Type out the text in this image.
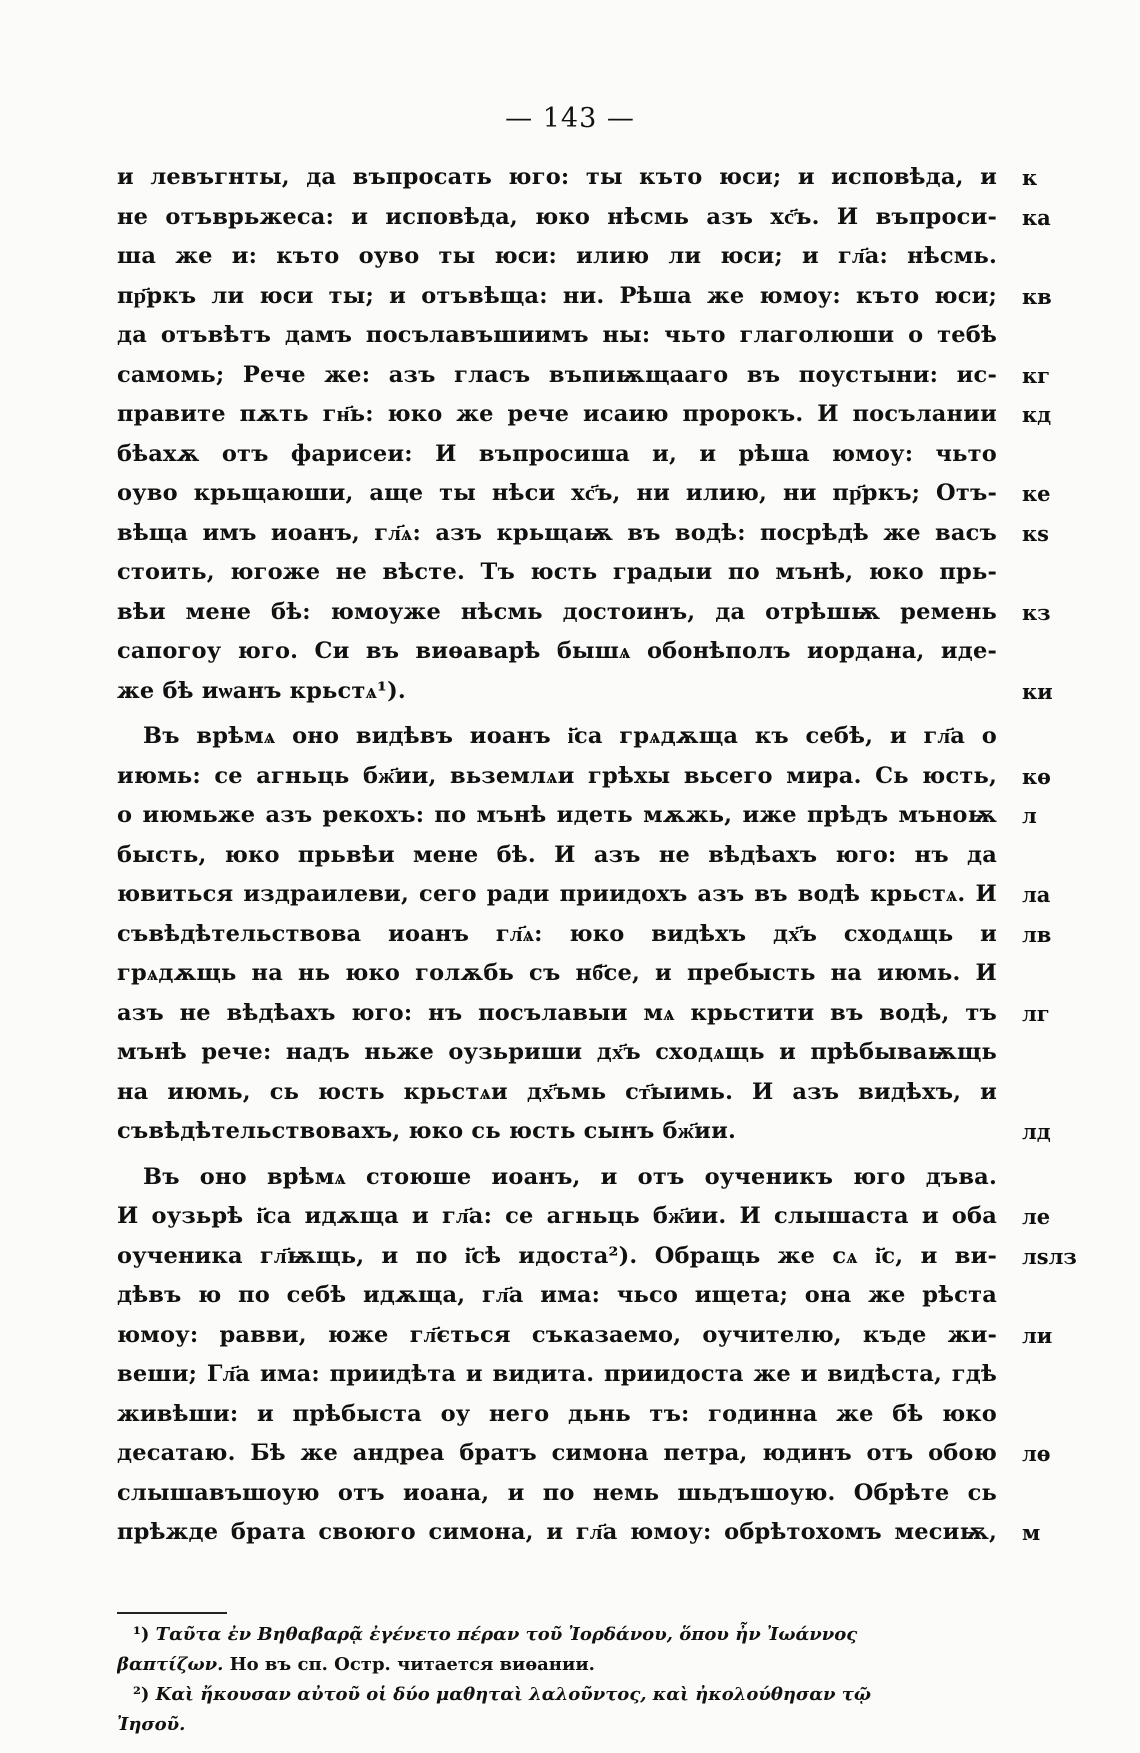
— 143 —
и левъгнты, да въпросать юго: ты къто юси; и исповѣда, и
не отъврьжеса: и исповѣда, юко нѣсмь азъ хс҃ъ. И въпроси-
ша же и: къто оуво ты юси: илию ли юси; и гл҃а: нѣсмь.
пр҃ркъ ли юси ты; и отъвѣща: ни. Рѣша же юмоу: къто юси;
да отъвѣтъ дамъ посълавъшиимъ ны: чьто глаголюши о тебѣ
самомь; Рече же: азъ гласъ въпиѭщааго въ поустыни: ис-
правите пѫть гн҃ь: юко же рече исаию пророкъ. И посълании
бѣахѫ отъ фарисеи: И въпросиша и, и рѣша юмоу: чьто
оуво крьщаюши, аще ты нѣси хс҃ъ, ни илию, ни пр҃ркъ; Отъ-
вѣща имъ иоанъ, гл҃ѧ: азъ крьщаѭ въ водѣ: посрѣдѣ же васъ
стоить, югоже не вѣсте. Тъ юсть градыи по мънѣ, юко прь-
вѣи мене бѣ: юмоуже нѣсмь достоинъ, да отрѣшѭ ремень
сапогоу юго. Си въ виѳаварѣ бышѧ обонѣполъ иордана, иде-
же бѣ иѡанъ крьстѧ¹).
Въ врѣмѧ оно видѣвъ иоанъ і҃са грѧдѫща къ себѣ, и гл҃а о
июмь: се агньць бж҃ии, вьземлѧи грѣхы вьсего мира. Сь юсть,
о июмьже азъ рекохъ: по мънѣ идеть мѫжь, иже прѣдъ мъноѭ
бысть, юко прьвѣи мене бѣ. И азъ не вѣдѣахъ юго: нъ да
ювиться издраилеви, сего ради приидохъ азъ въ водѣ крьстѧ. И
съвѣдѣтельствова иоанъ гл҃ѧ: юко видѣхъ дх҃ъ сходѧщь и
грѧдѫщь на нь юко голѫбь съ нб҃се, и пребысть на июмь. И
азъ не вѣдѣахъ юго: нъ посълавыи мѧ крьстити въ водѣ, тъ
мънѣ рече: надъ ньже оузьриши дх҃ъ сходѧщь и прѣбываѭщь
на июмь, сь юсть крьстѧи дх҃ъмь ст҃ыимь. И азъ видѣхъ, и
съвѣдѣтельствовахъ, юко сь юсть сынъ бж҃ии.
Въ оно врѣмѧ стоюше иоанъ, и отъ оученикъ юго дъва.
И оузьрѣ і҃са идѫща и гл҃а: се агньць бж҃ии. И слышаста и оба
оученика гл҃ѭщь, и по і҃сѣ идоста²). Обращь же сѧ і҃с, и ви-
дѣвъ ю по себѣ идѫща, гл҃а има: чьсо ищета; она же рѣста
юмоу: равви, юже гл҃ється съказаемо, оучителю, къде жи-
веши; Гл҃а има: приидѣта и видита. приидоста же и видѣста, гдѣ
живѣши: и прѣбыста оу него дьнь тъ: годинна же бѣ юко
десатаю. Бѣ же андреа братъ симона петра, юдинъ отъ обою
слышавъшоую отъ иоана, и по немь шьдъшоую. Обрѣте сь
прѣжде брата своюго симона, и гл҃а юмоу: обрѣтохомъ месиѭ,
к
ка
кв
кг
кд
ке
кѕ
кз
ки
кѳ
л
ла
лв
лг
лд
ле
лѕлз
ли
лѳ
м
¹) Ταῦτα ἐν Βηθαβαρᾷ ἐγένετο πέραν τοῦ Ἰορδάνου, ὅπου ἦν Ἰωάννος
βαπτίζων. Но въ сп. Остр. читается виѳании.
²) Καὶ ἤκουσαν αὐτοῦ οἱ δύο μαθηταὶ λαλοῦντος, καὶ ἠκολούθησαν τῷ
Ἰησοῦ.
